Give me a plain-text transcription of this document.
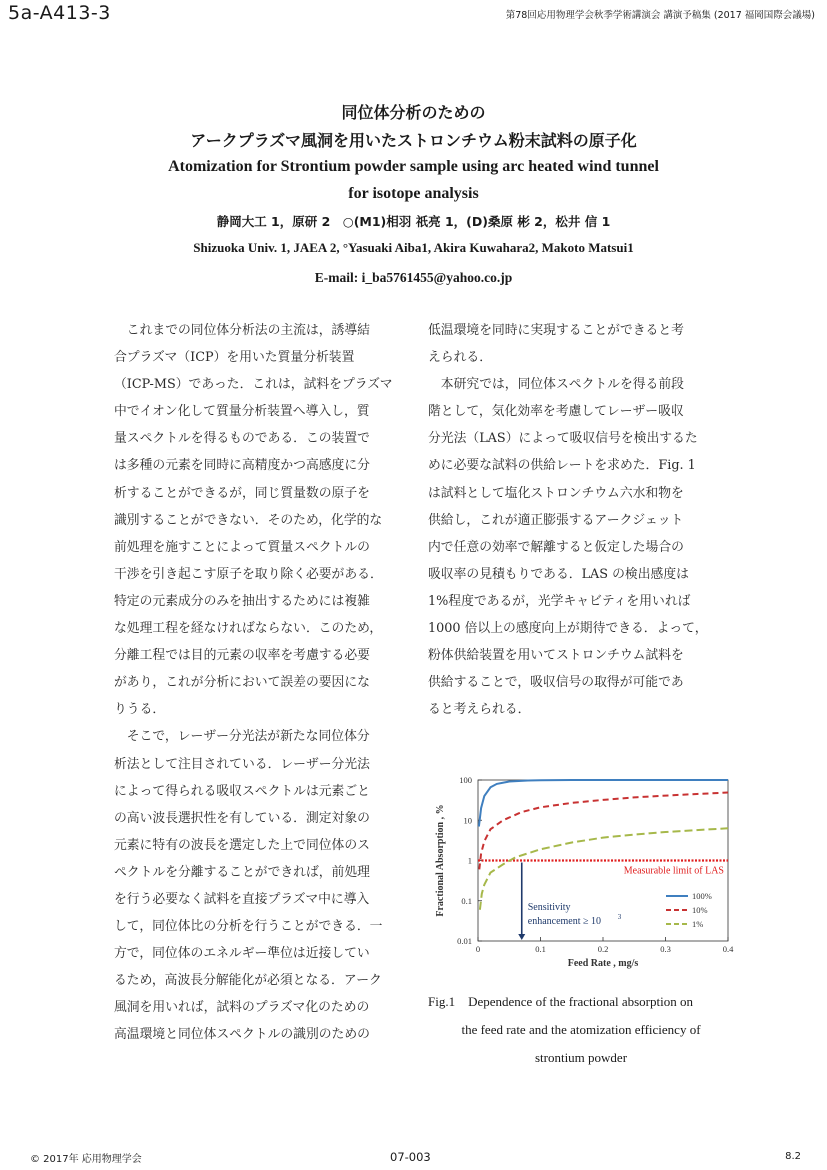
5a-A413-3	第78回応用物理学会秋季学術講演会 講演予稿集 (2017 福岡国際会議場)
同位体分析のための
アークプラズマ風洞を用いたストロンチウム粉末試料の原子化
Atomization for Strontium powder sample using arc heated wind tunnel
for isotope analysis
静岡大工 1，原研 2　○(M1)相羽 祇亮 1，(D)桑原 彬 2，松井 信 1
Shizuoka Univ. 1, JAEA 2, °Yasuaki Aiba1, Akira Kuwahara2, Makoto Matsui1
E-mail: i_ba5761455@yahoo.co.jp
　これまでの同位体分析法の主流は，誘導結
合プラズマ（ICP）を用いた質量分析装置
（ICP-MS）であった．これは，試料をプラズマ
中でイオン化して質量分析装置へ導入し，質
量スペクトルを得るものである．この装置で
は多種の元素を同時に高精度かつ高感度に分
析することができるが，同じ質量数の原子を
識別することができない．そのため，化学的な
前処理を施すことによって質量スペクトルの
干渉を引き起こす原子を取り除く必要がある．
特定の元素成分のみを抽出するためには複雑
な処理工程を経なければならない．このため，
分離工程では目的元素の収率を考慮する必要
があり，これが分析において誤差の要因にな
りうる．
　そこで，レーザー分光法が新たな同位体分
析法として注目されている．レーザー分光法
によって得られる吸収スペクトルは元素ごと
の高い波長選択性を有している．測定対象の
元素に特有の波長を選定した上で同位体のス
ペクトルを分離することができれば，前処理
を行う必要なく試料を直接プラズマ中に導入
して，同位体比の分析を行うことができる．一
方で，同位体のエネルギー準位は近接してい
るため，高波長分解能化が必須となる．アーク
風洞を用いれば，試料のプラズマ化のための
高温環境と同位体スペクトルの識別のための
低温環境を同時に実現することができると考
えられる．
　本研究では，同位体スペクトルを得る前段
階として，気化効率を考慮してレーザー吸収
分光法（LAS）によって吸収信号を検出するた
めに必要な試料の供給レートを求めた．Fig. 1
は試料として塩化ストロンチウム六水和物を
供給し，これが適正膨張するアークジェット
内で任意の効率で解離すると仮定した場合の
吸収率の見積もりである．LAS の検出感度は
1%程度であるが，光学キャビティを用いれば
1000 倍以上の感度向上が期待できる．よって，
粉体供給装置を用いてストロンチウム試料を
供給することで，吸収信号の取得が可能であ
ると考えられる．
0	0.1	0.2	0.3	0.4
0.01
0.1
1
10
100
Feed Rate , mg/s
Fractional Absorption , %	Measurable limit of LAS
Sensitivity
enhancement ≥ 10 3
100%
10%
1%
Fig.1　Dependence of the fractional absorption on
the feed rate and the atomization efficiency of
strontium powder
© 2017年 応用物理学会	07-003	8.2
